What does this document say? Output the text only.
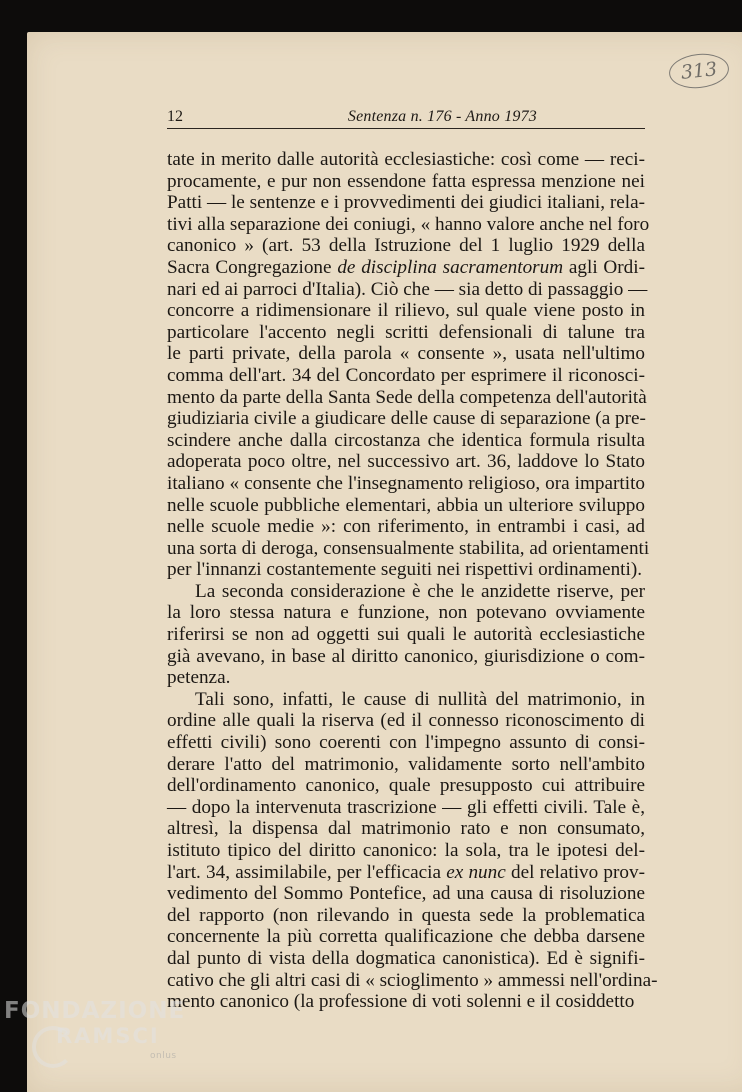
313
12	Sentenza n. 176 - Anno 1973
tate in merito dalle autorità ecclesiastiche: così come — reci-
procamente, e pur non essendone fatta espressa menzione nei
Patti — le sentenze e i provvedimenti dei giudici italiani, rela-
tivi alla separazione dei coniugi, « hanno valore anche nel foro
canonico » (art. 53 della Istruzione del 1 luglio 1929 della
Sacra Congregazione de disciplina sacramentorum agli Ordi-
nari ed ai parroci d'Italia). Ciò che — sia detto di passaggio —
concorre a ridimensionare il rilievo, sul quale viene posto in
particolare l'accento negli scritti defensionali di talune tra
le parti private, della parola « consente », usata nell'ultimo
comma dell'art. 34 del Concordato per esprimere il riconosci-
mento da parte della Santa Sede della competenza dell'autorità
giudiziaria civile a giudicare delle cause di separazione (a pre-
scindere anche dalla circostanza che identica formula risulta
adoperata poco oltre, nel successivo art. 36, laddove lo Stato
italiano « consente che l'insegnamento religioso, ora impartito
nelle scuole pubbliche elementari, abbia un ulteriore sviluppo
nelle scuole medie »: con riferimento, in entrambi i casi, ad
una sorta di deroga, consensualmente stabilita, ad orientamenti
per l'innanzi costantemente seguiti nei rispettivi ordinamenti).
La seconda considerazione è che le anzidette riserve, per
la loro stessa natura e funzione, non potevano ovviamente
riferirsi se non ad oggetti sui quali le autorità ecclesiastiche
già avevano, in base al diritto canonico, giurisdizione o com-
petenza.
Tali sono, infatti, le cause di nullità del matrimonio, in
ordine alle quali la riserva (ed il connesso riconoscimento di
effetti civili) sono coerenti con l'impegno assunto di consi-
derare l'atto del matrimonio, validamente sorto nell'ambito
dell'ordinamento canonico, quale presupposto cui attribuire
— dopo la intervenuta trascrizione — gli effetti civili. Tale è,
altresì, la dispensa dal matrimonio rato e non consumato,
istituto tipico del diritto canonico: la sola, tra le ipotesi del-
l'art. 34, assimilabile, per l'efficacia ex nunc del relativo prov-
vedimento del Sommo Pontefice, ad una causa di risoluzione
del rapporto (non rilevando in questa sede la problematica
concernente la più corretta qualificazione che debba darsene
dal punto di vista della dogmatica canonistica). Ed è signifi-
cativo che gli altri casi di « scioglimento » ammessi nell'ordina-
mento canonico (la professione di voti solenni e il cosiddetto
FONDAZIONE
RAMSCI
onlus
